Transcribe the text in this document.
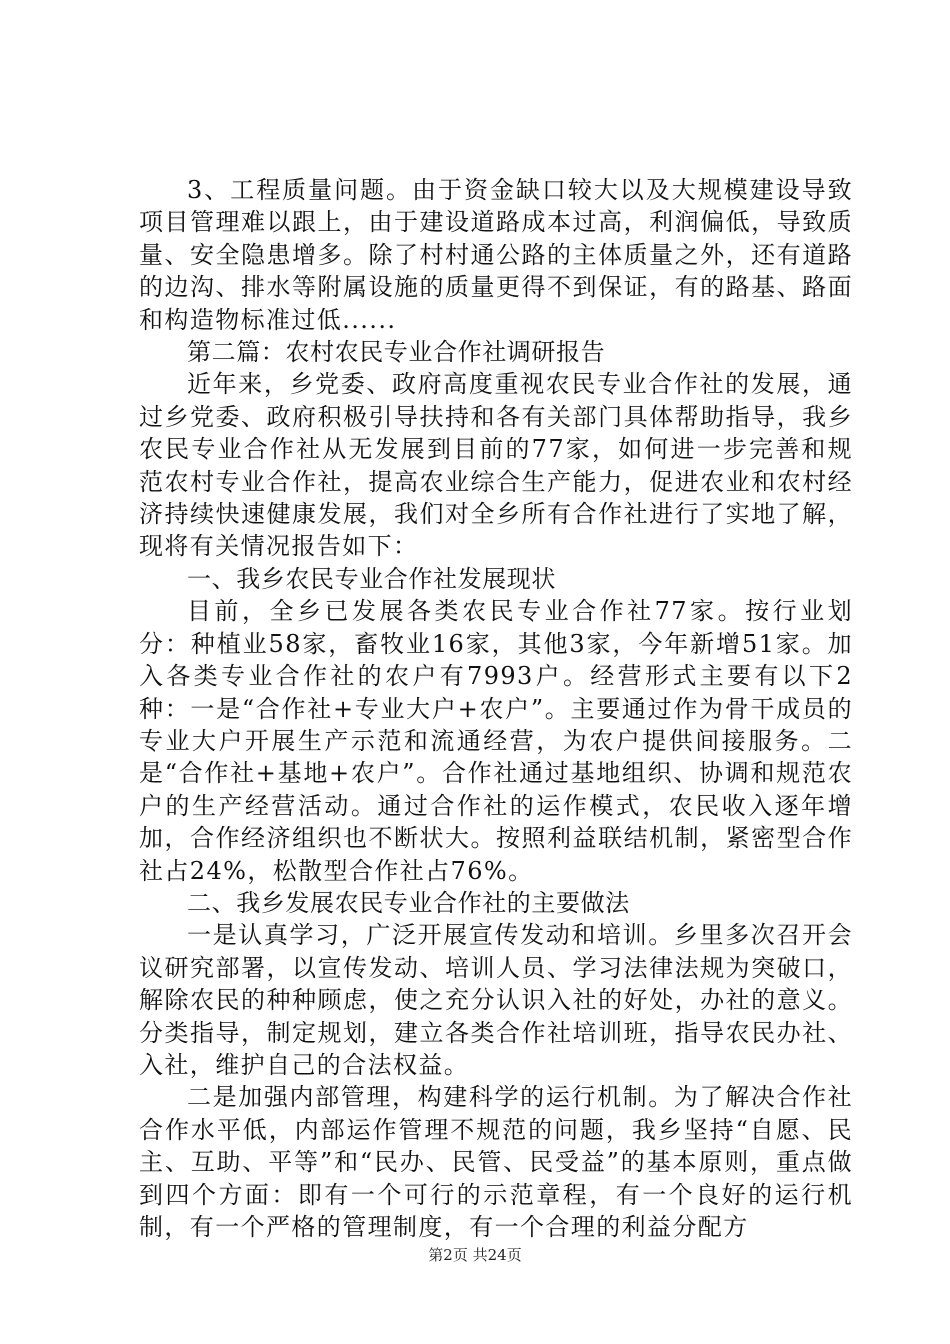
3、工程质量问题。由于资金缺口较大以及大规模建设导致项目管理难以跟上，由于建设道路成本过高，利润偏低，导致质量、安全隐患增多。除了村村通公路的主体质量之外，还有道路的边沟、排水等附属设施的质量更得不到保证，有的路基、路面和构造物标准过低......

第二篇：农村农民专业合作社调研报告

近年来，乡党委、政府高度重视农民专业合作社的发展，通过乡党委、政府积极引导扶持和各有关部门具体帮助指导，我乡农民专业合作社从无发展到目前的77家，如何进一步完善和规范农村专业合作社，提高农业综合生产能力，促进农业和农村经济持续快速健康发展，我们对全乡所有合作社进行了实地了解，现将有关情况报告如下：

一、我乡农民专业合作社发展现状

目前，全乡已发展各类农民专业合作社77家。按行业划分：种植业58家，畜牧业16家，其他3家，今年新增51家。加入各类专业合作社的农户有7993户。经营形式主要有以下2种：一是“合作社+专业大户+农户”。主要通过作为骨干成员的专业大户开展生产示范和流通经营，为农户提供间接服务。二是“合作社+基地+农户”。合作社通过基地组织、协调和规范农户的生产经营活动。通过合作社的运作模式，农民收入逐年增加，合作经济组织也不断状大。按照利益联结机制，紧密型合作社占24%，松散型合作社占76%。

二、我乡发展农民专业合作社的主要做法

一是认真学习，广泛开展宣传发动和培训。乡里多次召开会议研究部署，以宣传发动、培训人员、学习法律法规为突破口，解除农民的种种顾虑，使之充分认识入社的好处，办社的意义。分类指导，制定规划，建立各类合作社培训班，指导农民办社、入社，维护自己的合法权益。

二是加强内部管理，构建科学的运行机制。为了解决合作社合作水平低，内部运作管理不规范的问题，我乡坚持“自愿、民主、互助、平等”和“民办、民管、民受益”的基本原则，重点做到四个方面：即有一个可行的示范章程，有一个良好的运行机制，有一个严格的管理制度，有一个合理的利益分配方

第2页 共24页
